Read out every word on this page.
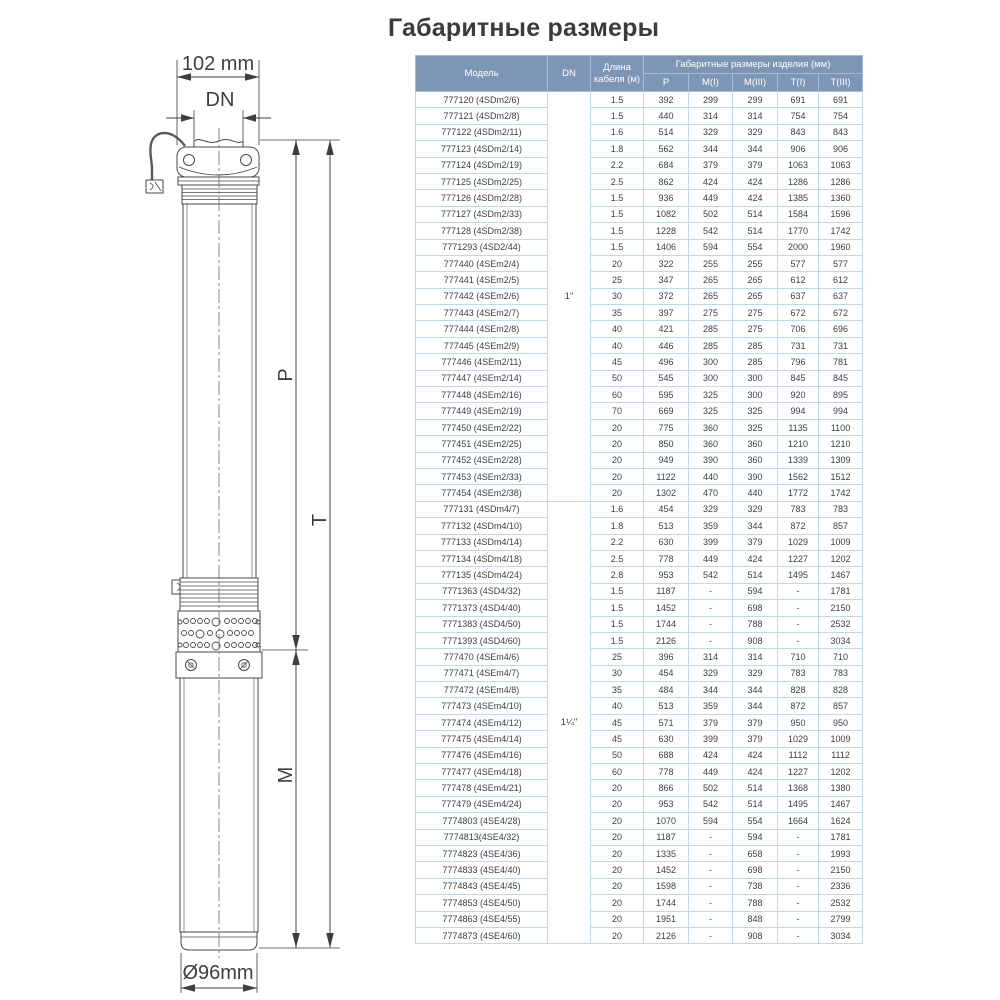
Габаритные размеры
102 mm
DN
P
M
T
Ø96mm
Модель	DN	Длина кабеля (м)	Габаритные размеры изделия (мм)				
			P	M(I)	M(III)	T(I)	T(III)
777120 (4SDm2/6)	1"	1.5	392	299	299	691	691
777121 (4SDm2/8)		1.5	440	314	314	754	754
777122 (4SDm2/11)		1.6	514	329	329	843	843
777123 (4SDm2/14)		1.8	562	344	344	906	906
777124 (4SDm2/19)		2.2	684	379	379	1063	1063
777125 (4SDm2/25)		2.5	862	424	424	1286	1286
777126 (4SDm2/28)		1.5	936	449	424	1385	1360
777127 (4SDm2/33)		1.5	1082	502	514	1584	1596
777128 (4SDm2/38)		1.5	1228	542	514	1770	1742
7771293 (4SD2/44)		1.5	1406	594	554	2000	1960
777440 (4SEm2/4)		20	322	255	255	577	577
777441 (4SEm2/5)		25	347	265	265	612	612
777442 (4SEm2/6)		30	372	265	265	637	637
777443 (4SEm2/7)		35	397	275	275	672	672
777444 (4SEm2/8)		40	421	285	275	706	696
777445 (4SEm2/9)		40	446	285	285	731	731
777446 (4SEm2/11)		45	496	300	285	796	781
777447 (4SEm2/14)		50	545	300	300	845	845
777448 (4SEm2/16)		60	595	325	300	920	895
777449 (4SEm2/19)		70	669	325	325	994	994
777450 (4SEm2/22)		20	775	360	325	1135	1100
777451 (4SEm2/25)		20	850	360	360	1210	1210
777452 (4SEm2/28)		20	949	390	360	1339	1309
777453 (4SEm2/33)		20	1122	440	390	1562	1512
777454 (4SEm2/38)		20	1302	470	440	1772	1742
777131 (4SDm4/7)	1¼"	1.6	454	329	329	783	783
777132 (4SDm4/10)		1.8	513	359	344	872	857
777133 (4SDm4/14)		2.2	630	399	379	1029	1009
777134 (4SDm4/18)		2.5	778	449	424	1227	1202
777135 (4SDm4/24)		2.8	953	542	514	1495	1467
7771363 (4SD4/32)		1.5	1187	-	594	-	1781
7771373 (4SD4/40)		1.5	1452	-	698	-	2150
7771383 (4SD4/50)		1.5	1744	-	788	-	2532
7771393 (4SD4/60)		1.5	2126	-	908	-	3034
777470 (4SEm4/6)		25	396	314	314	710	710
777471 (4SEm4/7)		30	454	329	329	783	783
777472 (4SEm4/8)		35	484	344	344	828	828
777473 (4SEm4/10)		40	513	359	344	872	857
777474 (4SEm4/12)		45	571	379	379	950	950
777475 (4SEm4/14)		45	630	399	379	1029	1009
777476 (4SEm4/16)		50	688	424	424	1112	1112
777477 (4SEm4/18)		60	778	449	424	1227	1202
777478 (4SEm4/21)		20	866	502	514	1368	1380
777479 (4SEm4/24)		20	953	542	514	1495	1467
7774803 (4SE4/28)		20	1070	594	554	1664	1624
7774813(4SE4/32)		20	1187	-	594	-	1781
7774823 (4SE4/36)		20	1335	-	658	-	1993
7774833 (4SE4/40)		20	1452	-	698	-	2150
7774843 (4SE4/45)		20	1598	-	738	-	2336
7774853 (4SE4/50)		20	1744	-	788	-	2532
7774863 (4SE4/55)		20	1951	-	848	-	2799
7774873 (4SE4/60)		20	2126	-	908	-	3034
